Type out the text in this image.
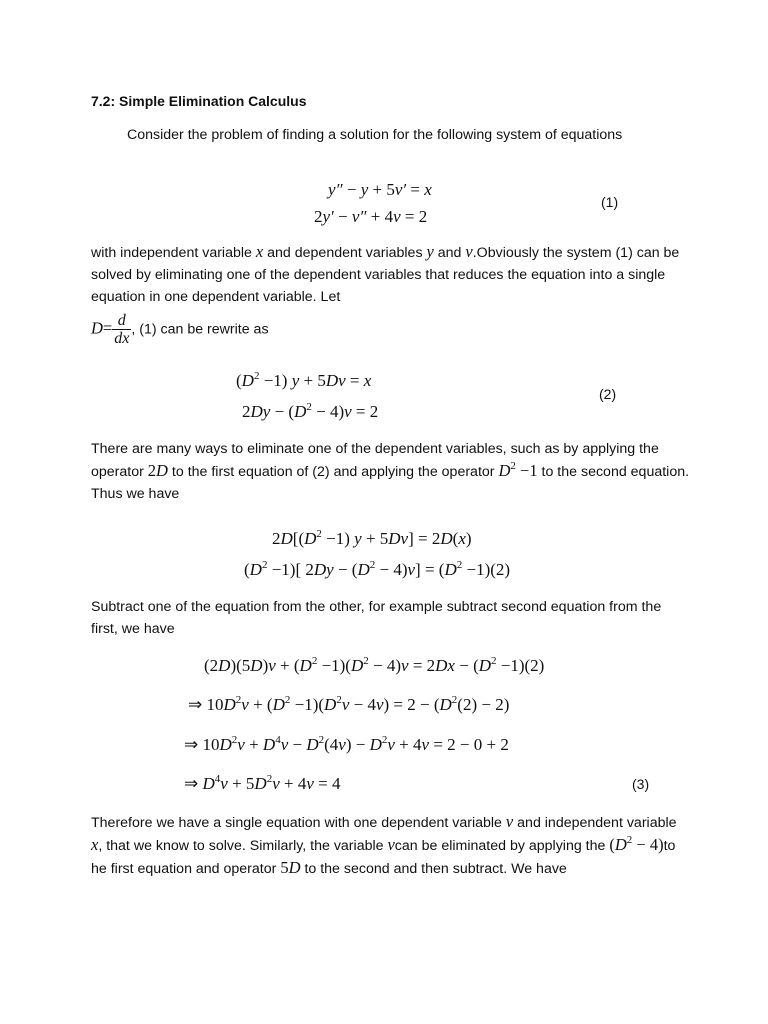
7.2: Simple Elimination Calculus
Consider the problem of finding a solution for the following system of equations
y″ − y + 5v′ = x
2y′ − v″ + 4v = 2
(1)
with independent variable x and dependent variables y and v.Obviously the system (1) can be solved by eliminating one of the dependent variables that reduces the equation into a single equation in one dependent variable. Let
$D= \frac{d}{dx}$ , (1) can be rewrite as
$(D^2 -1) y + 5Dv = x$
$2Dy - (D^2 - 4)v = 2$
(2)
There are many ways to eliminate one of the dependent variables, such as by applying the operator 2D to the first equation of (2) and applying the operator $D^2 -1$ to the second equation. Thus we have
$2D[(D^2 -1) y + 5Dv] = 2D(x)$
$(D^2 -1)$[ $2Dy - (D^2 - 4)v] = (D^2 -1)(2)$
Subtract one of the equation from the other, for example subtract second equation from the first, we have
$(2D)(5D)v + (D^2 -1)(D^2 - 4)v = 2Dx - (D^2 -1)(2)$
⇒ $10D^2v + (D^2 -1)(D^2v - 4v) = 2 - (D^2(2) - 2)$
⇒ $10D^2v + D^4v - D^2(4v) - D^2v + 4v = 2 - 0 + 2$
⇒ $D^4v + 5D^2v + 4v = 4$	(3)
Therefore we have a single equation with one dependent variable v and independent variable x, that we know to solve. Similarly, the variable vcan be eliminated by applying the $(D^2 - 4)to$ he first equation and operator 5D to the second and then subtract. We have
